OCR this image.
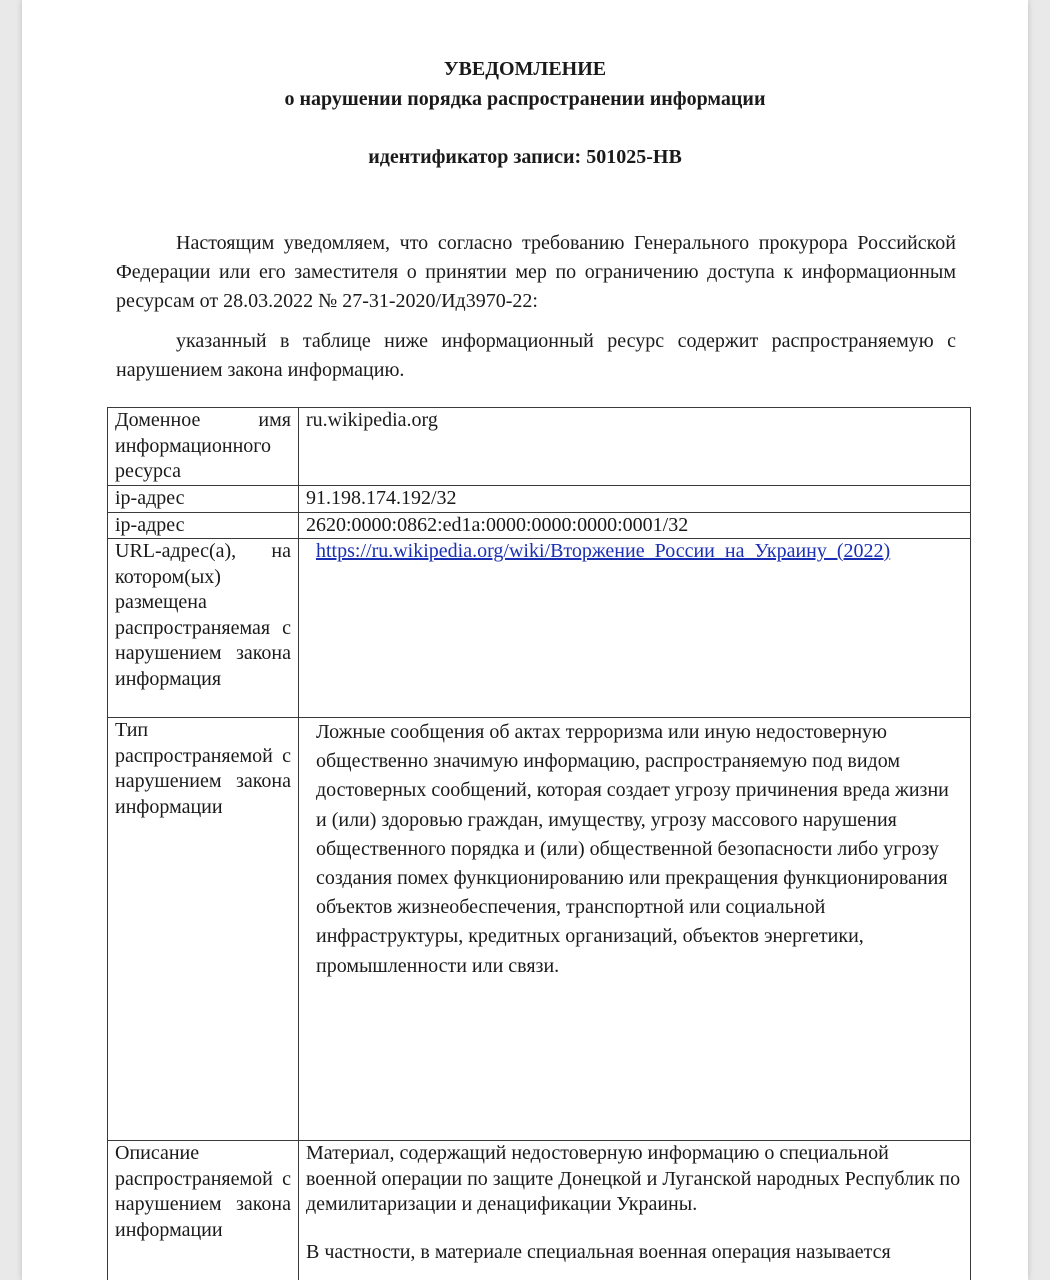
УВЕДОМЛЕНИЕ
о нарушении порядка распространении информации
идентификатор записи: 501025-НВ
Настоящим уведомляем, что согласно требованию Генерального прокурора Российской Федерации или его заместителя о принятии мер по ограничению доступа к информационным ресурсам от 28.03.2022 № 27-31-2020/Ид3970-22:
указанный в таблице ниже информационный ресурс содержит распространяемую с нарушением закона информацию.
Доменное имя информационного ресурса	ru.wikipedia.org
ip-адрес	91.198.174.192/32
ip-адрес	2620:0000:0862:ed1a:0000:0000:0000:0001/32
URL-адрес(а), на котором(ых) размещена распространяемая с нарушением закона информация	https://ru.wikipedia.org/wiki/Вторжение_России_на_Украину_(2022)
Тип распространяемой с нарушением закона информации	Ложные сообщения об актах терроризма или иную недостоверную общественно значимую информацию, распространяемую под видом достоверных сообщений, которая создает угрозу причинения вреда жизни и (или) здоровью граждан, имуществу, угрозу массового нарушения общественного порядка и (или) общественной безопасности либо угрозу создания помех функционированию или прекращения функционирования объектов жизнеобеспечения, транспортной или социальной инфраструктуры, кредитных организаций, объектов энергетики, промышленности или связи.
Описание распространяемой с нарушением закона информации	Материал, содержащий недостоверную информацию о специальной военной операции по защите Донецкой и Луганской народных Республик по демилитаризации и денацификации Украины.
В частности, в материале специальная военная операция называется
